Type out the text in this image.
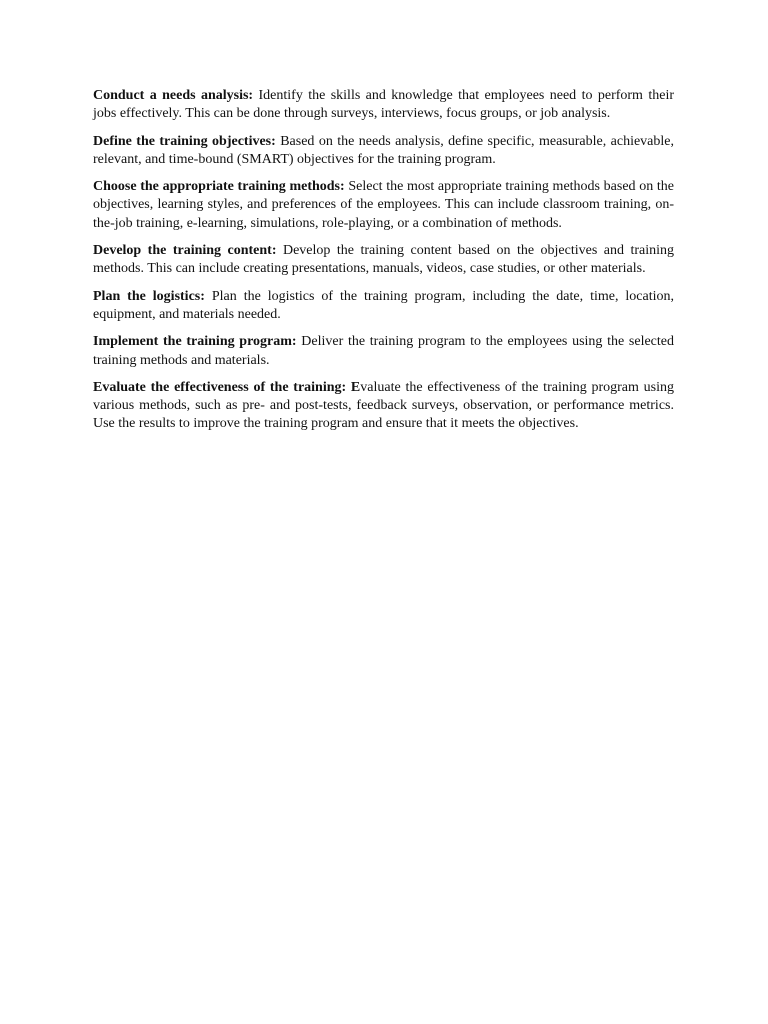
Conduct a needs analysis: Identify the skills and knowledge that employees need to perform their jobs effectively. This can be done through surveys, interviews, focus groups, or job analysis.

Define the training objectives: Based on the needs analysis, define specific, measurable, achievable, relevant, and time-bound (SMART) objectives for the training program.

Choose the appropriate training methods: Select the most appropriate training methods based on the objectives, learning styles, and preferences of the employees. This can include classroom training, on-the-job training, e-learning, simulations, role-playing, or a combination of methods.

Develop the training content: Develop the training content based on the objectives and training methods. This can include creating presentations, manuals, videos, case studies, or other materials.

Plan the logistics: Plan the logistics of the training program, including the date, time, location, equipment, and materials needed.

Implement the training program: Deliver the training program to the employees using the selected training methods and materials.

Evaluate the effectiveness of the training: Evaluate the effectiveness of the training program using various methods, such as pre- and post-tests, feedback surveys, observation, or performance metrics. Use the results to improve the training program and ensure that it meets the objectives.
